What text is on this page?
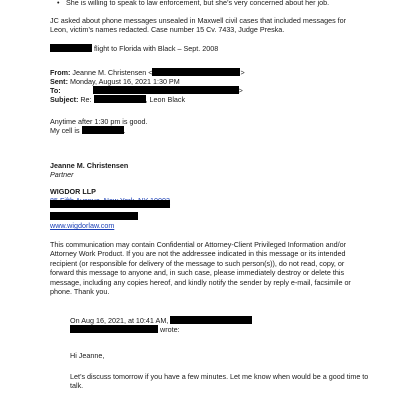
• She is willing to speak to law enforcement, but she’s very concerned about her job.
JC asked about phone messages unsealed in Maxwell civil cases that included messages for Leon, victim’s names redacted. Case number 15 Cv. 7433, Judge Preska.
flight to Florida with Black – Sept. 2008
From: Jeanne M. Christensen <	>
Sent: Monday, August 16, 2021 1:30 PM
To:	>
Subject: Re:	, Leon Black
Anytime after 1:30 pm is good.
My cell is	.
Jeanne M. Christensen
Partner
WIGDOR LLP
www.wigdorlaw.com
This communication may contain Confidential or Attorney-Client Privileged Information and/or Attorney Work Product. If you are not the addressee indicated in this message or its intended recipient (or responsible for delivery of the message to such person(s)), do not read, copy, or forward this message to anyone and, in such case, please immediately destroy or delete this message, including any copies hereof, and kindly notify the sender by reply e-mail, facsimile or phone. Thank you.
On Aug 16, 2021, at 10:41 AM,
wrote:
Hi Jeanne,
Let’s discuss tomorrow if you have a few minutes. Let me know when would be a good time to talk.
